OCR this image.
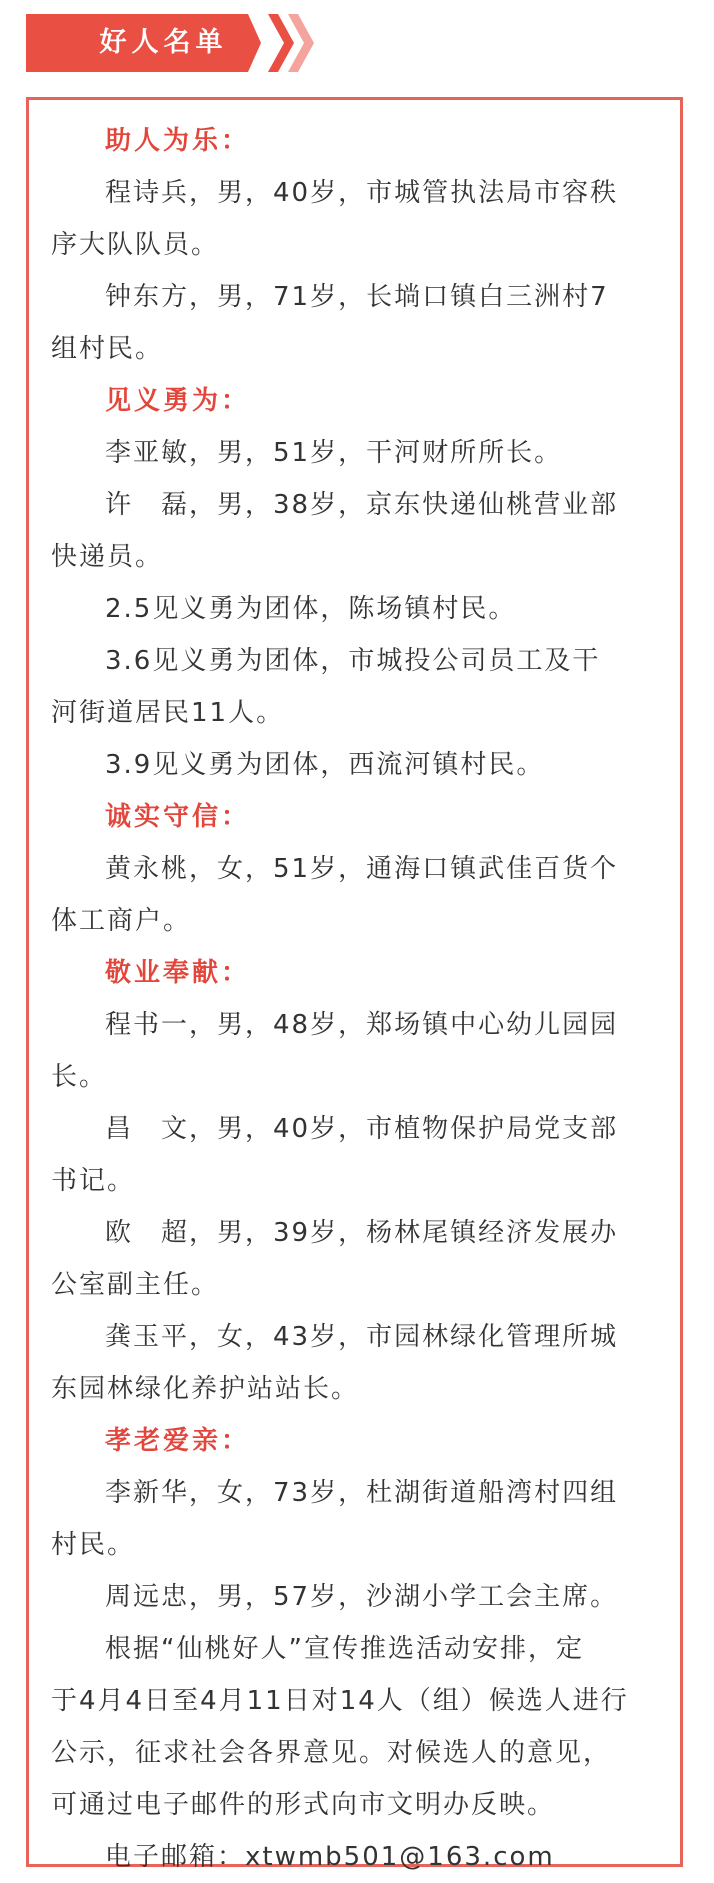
好人名单
助人为乐：
程诗兵，男，40岁，市城管执法局市容秩
序大队队员。
钟东方，男，71岁，长埫口镇白三洲村7
组村民。
见义勇为：
李亚敏，男，51岁，干河财所所长。
许　磊，男，38岁，京东快递仙桃营业部
快递员。
2.5见义勇为团体，陈场镇村民。
3.6见义勇为团体，市城投公司员工及干
河街道居民11人。
3.9见义勇为团体，西流河镇村民。
诚实守信：
黄永桃，女，51岁，通海口镇武佳百货个
体工商户。
敬业奉献：
程书一，男，48岁，郑场镇中心幼儿园园
长。
昌　文，男，40岁，市植物保护局党支部
书记。
欧　超，男，39岁，杨林尾镇经济发展办
公室副主任。
龚玉平，女，43岁，市园林绿化管理所城
东园林绿化养护站站长。
孝老爱亲：
李新华，女，73岁，杜湖街道船湾村四组
村民。
周远忠，男，57岁，沙湖小学工会主席。
根据“仙桃好人”宣传推选活动安排，定
于4月4日至4月11日对14人（组）候选人进行
公示，征求社会各界意见。对候选人的意见，
可通过电子邮件的形式向市文明办反映。
电子邮箱：xtwmb501@163.com
